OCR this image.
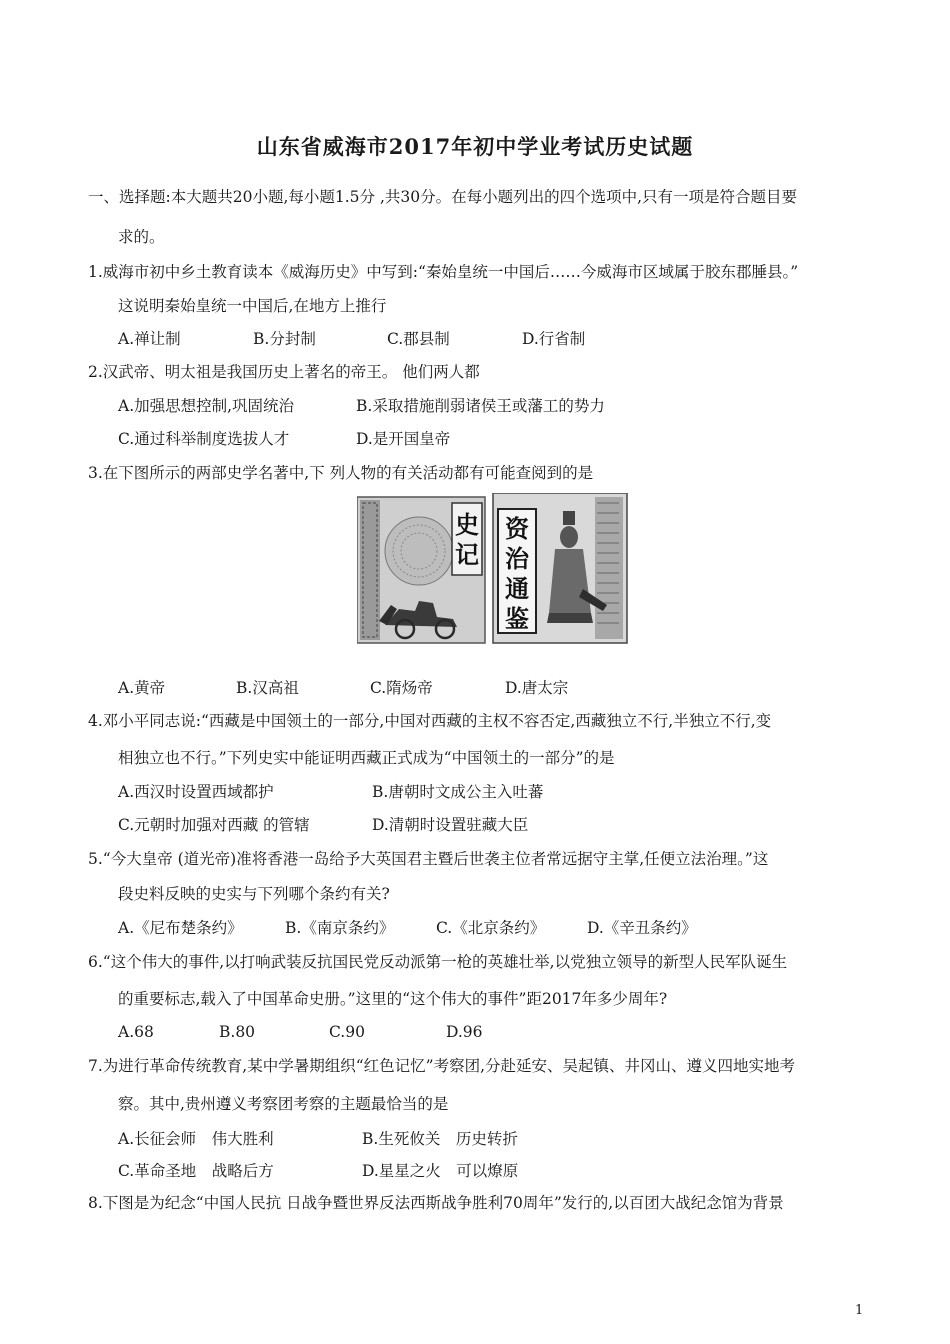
山东省威海市2017年初中学业考试历史试题
一、选择题:本大题共20小题,每小题1.5分 ,共30分。在每小题列出的四个选项中,只有一项是符合题目要
求的。
1.威海市初中乡土教育读本《威海历史》中写到:“秦始皇统一中国后……今威海市区域属于胶东郡腄县。”
这说明秦始皇统一中国后,在地方上推行
A.禅让制	B.分封制	C.郡县制	D.行省制
2.汉武帝、明太祖是我国历史上著名的帝王。 他们两人都
A.加强思想控制,巩固统治	B.采取措施削弱诸侯王或藩工的势力
C.通过科举制度选拔人才	D.是开国皇帝
3.在下图所示的两部史学名著中,下 列人物的有关活动都有可能查阅到的是
史
记
资
治
通
鉴
A.黄帝	B.汉高祖	C.隋炀帝	D.唐太宗
4.邓小平同志说:“西藏是中国领土的一部分,中国对西藏的主权不容否定,西藏独立不行,半独立不行,变
相独立也不行。”下列史实中能证明西藏正式成为“中国领土的一部分”的是
A.西汉时设置西域都护	B.唐朝时文成公主入吐蕃
C.元朝时加强对西藏 的管辖	D.清朝时设置驻藏大臣
5.“今大皇帝 (道光帝)准将香港一岛给予大英国君主暨后世袭主位者常远据守主掌,任便立法治理。”这
段史料反映的史实与下列哪个条约有关?
A.《尼布楚条约》	B.《南京条约》	C.《北京条约》	D.《辛丑条约》
6.“这个伟大的事件,以打响武装反抗国民党反动派第一枪的英雄壮举,以党独立领导的新型人民军队诞生
的重要标志,载入了中国革命史册。”这里的“这个伟大的事件”距2017年多少周年?
A.68	B.80	C.90	D.96
7.为进行革命传统教育,某中学暑期组织“红色记忆”考察团,分赴延安、吴起镇、井冈山、遵义四地实地考
察。其中,贵州遵义考察团考察的主题最恰当的是
A.长征会师　伟大胜利	B.生死攸关　历史转折
C.革命圣地　战略后方	D.星星之火　可以燎原
8.下图是为纪念“中国人民抗 日战争暨世界反法西斯战争胜利70周年”发行的,以百团大战纪念馆为背景
1
